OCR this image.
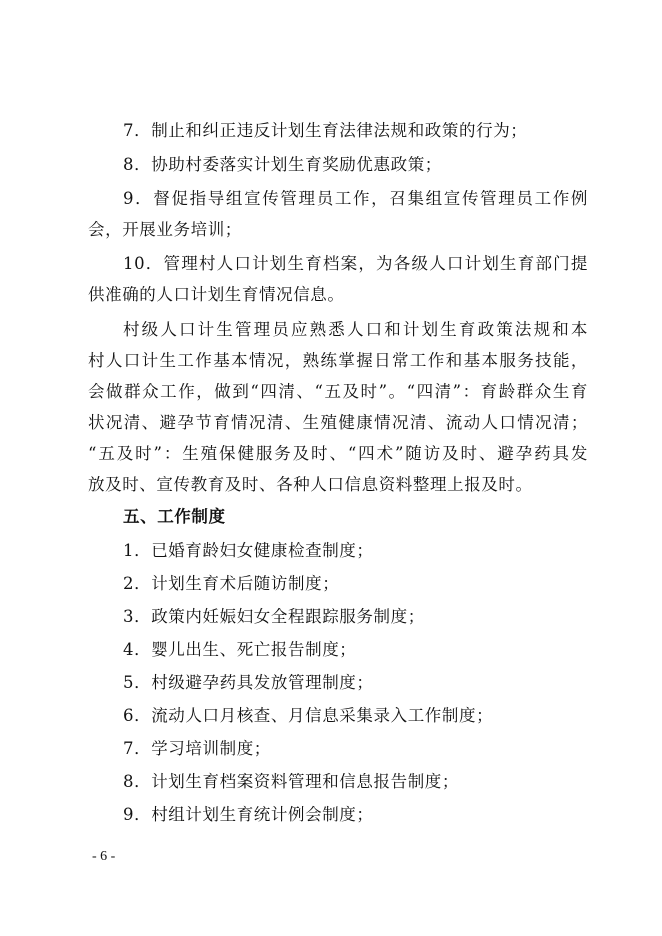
7．制止和纠正违反计划生育法律法规和政策的行为；
8．协助村委落实计划生育奖励优惠政策；
9．督促指导组宣传管理员工作，召集组宣传管理员工作例
会，开展业务培训；
10．管理村人口计划生育档案，为各级人口计划生育部门提
供准确的人口计划生育情况信息。
村级人口计生管理员应熟悉人口和计划生育政策法规和本
村人口计生工作基本情况，熟练掌握日常工作和基本服务技能，
会做群众工作，做到“四清、“五及时”。“四清”：育龄群众生育
状况清、避孕节育情况清、生殖健康情况清、流动人口情况清；
“五及时”：生殖保健服务及时、“四术”随访及时、避孕药具发
放及时、宣传教育及时、各种人口信息资料整理上报及时。
五、工作制度
1．已婚育龄妇女健康检查制度；
2．计划生育术后随访制度；
3．政策内妊娠妇女全程跟踪服务制度；
4．婴儿出生、死亡报告制度；
5．村级避孕药具发放管理制度；
6．流动人口月核查、月信息采集录入工作制度；
7．学习培训制度；
8．计划生育档案资料管理和信息报告制度；
9．村组计划生育统计例会制度；
- 6 -
